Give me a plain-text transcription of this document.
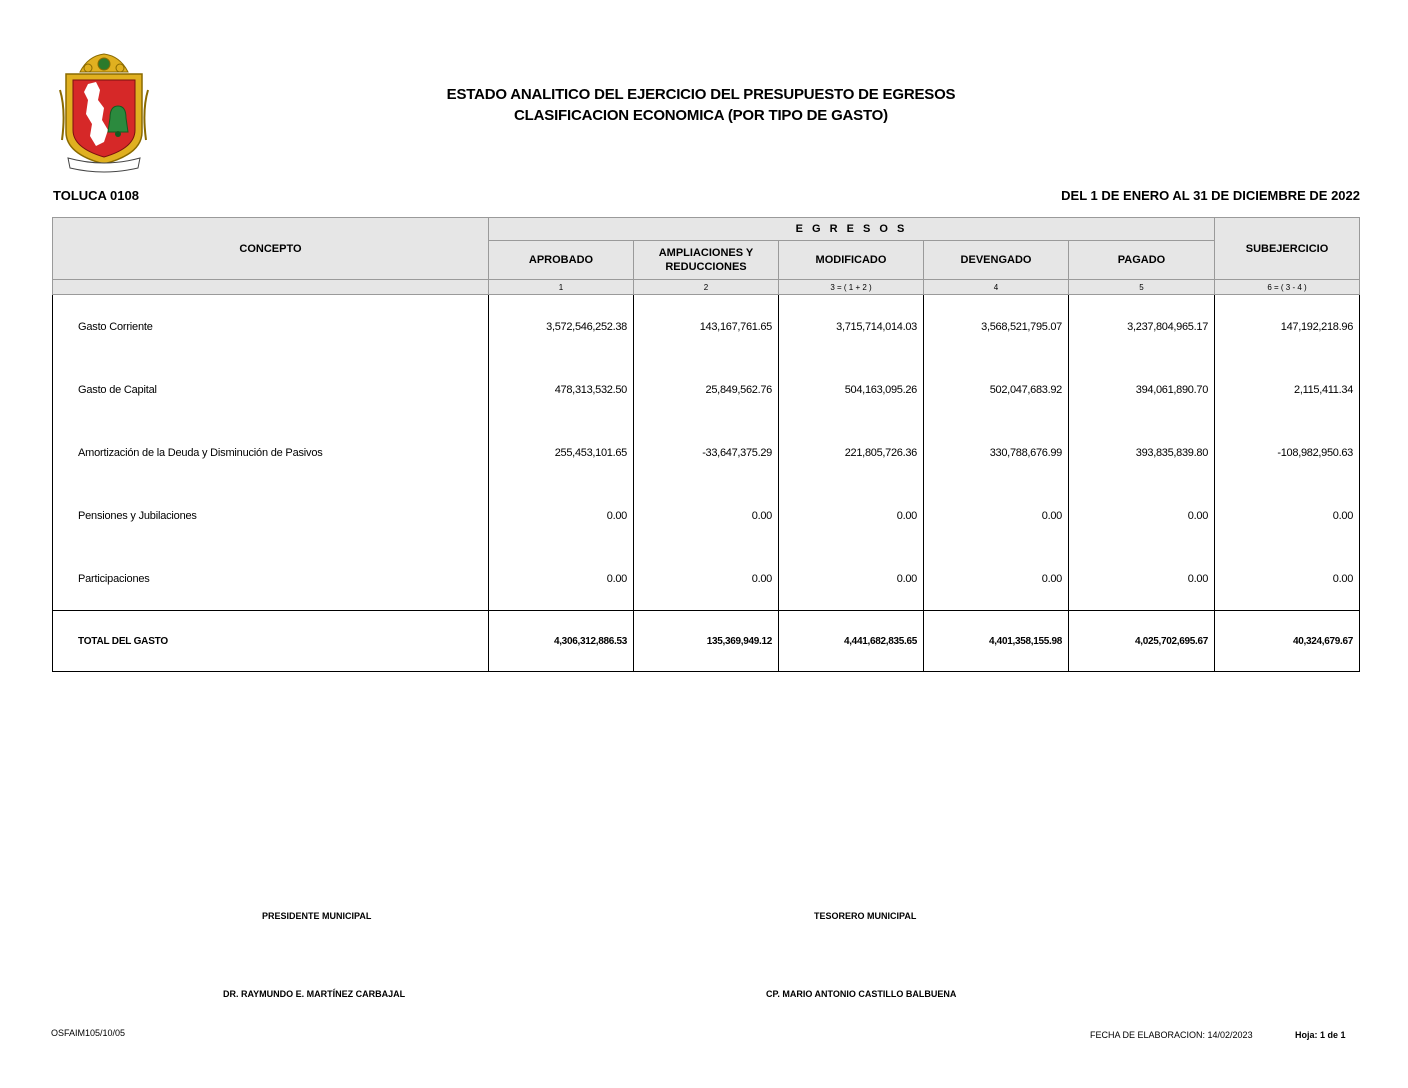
ESTADO ANALITICO DEL EJERCICIO DEL PRESUPUESTO DE EGRESOS
CLASIFICACION ECONOMICA (POR TIPO DE GASTO)
TOLUCA 0108	DEL 1 DE ENERO AL 31 DE DICIEMBRE DE 2022
CONCEPTO	E G R E S O S					SUBEJERCICIO
	APROBADO	AMPLIACIONES Y REDUCCIONES	MODIFICADO	DEVENGADO	PAGADO	
	1	2	3 = ( 1 + 2 )	4	5	6 = ( 3 - 4 )
Gasto Corriente	3,572,546,252.38	143,167,761.65	3,715,714,014.03	3,568,521,795.07	3,237,804,965.17	147,192,218.96
Gasto de Capital	478,313,532.50	25,849,562.76	504,163,095.26	502,047,683.92	394,061,890.70	2,115,411.34
Amortización de la Deuda y Disminución de Pasivos	255,453,101.65	-33,647,375.29	221,805,726.36	330,788,676.99	393,835,839.80	-108,982,950.63
Pensiones y Jubilaciones	0.00	0.00	0.00	0.00	0.00	0.00
Participaciones	0.00	0.00	0.00	0.00	0.00	0.00
TOTAL DEL GASTO	4,306,312,886.53	135,369,949.12	4,441,682,835.65	4,401,358,155.98	4,025,702,695.67	40,324,679.67
PRESIDENTE MUNICIPAL	TESORERO MUNICIPAL
DR. RAYMUNDO E. MARTÍNEZ CARBAJAL	CP. MARIO ANTONIO CASTILLO BALBUENA
OSFAIM105/10/05	FECHA DE ELABORACION: 14/02/2023	Hoja: 1 de 1
